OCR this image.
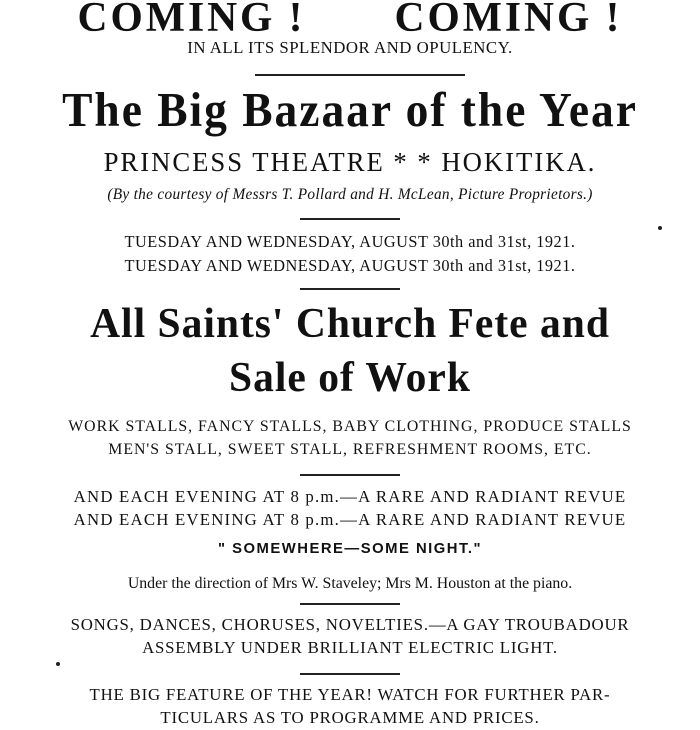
COMING ! COMING !

IN ALL ITS SPLENDOR AND OPULENCY.

The Big Bazaar of the Year

PRINCESS THEATRE * * HOKITIKA.

(By the courtesy of Messrs T. Pollard and H. McLean, Picture Proprietors.)

TUESDAY AND WEDNESDAY, AUGUST 30th and 31st, 1921.

TUESDAY AND WEDNESDAY, AUGUST 30th and 31st, 1921.

All Saints' Church Fete and

Sale of Work

WORK STALLS, FANCY STALLS, BABY CLOTHING, PRODUCE STALLS

MEN'S STALL, SWEET STALL, REFRESHMENT ROOMS, ETC.

AND EACH EVENING AT 8 p.m.—A RARE AND RADIANT REVUE

AND EACH EVENING AT 8 p.m.—A RARE AND RADIANT REVUE

" SOMEWHERE—SOME NIGHT."

Under the direction of Mrs W. Staveley; Mrs M. Houston at the piano.

SONGS, DANCES, CHORUSES, NOVELTIES.—A GAY TROUBADOUR

ASSEMBLY UNDER BRILLIANT ELECTRIC LIGHT.

THE BIG FEATURE OF THE YEAR! WATCH FOR FURTHER PAR-

TICULARS AS TO PROGRAMME AND PRICES.
